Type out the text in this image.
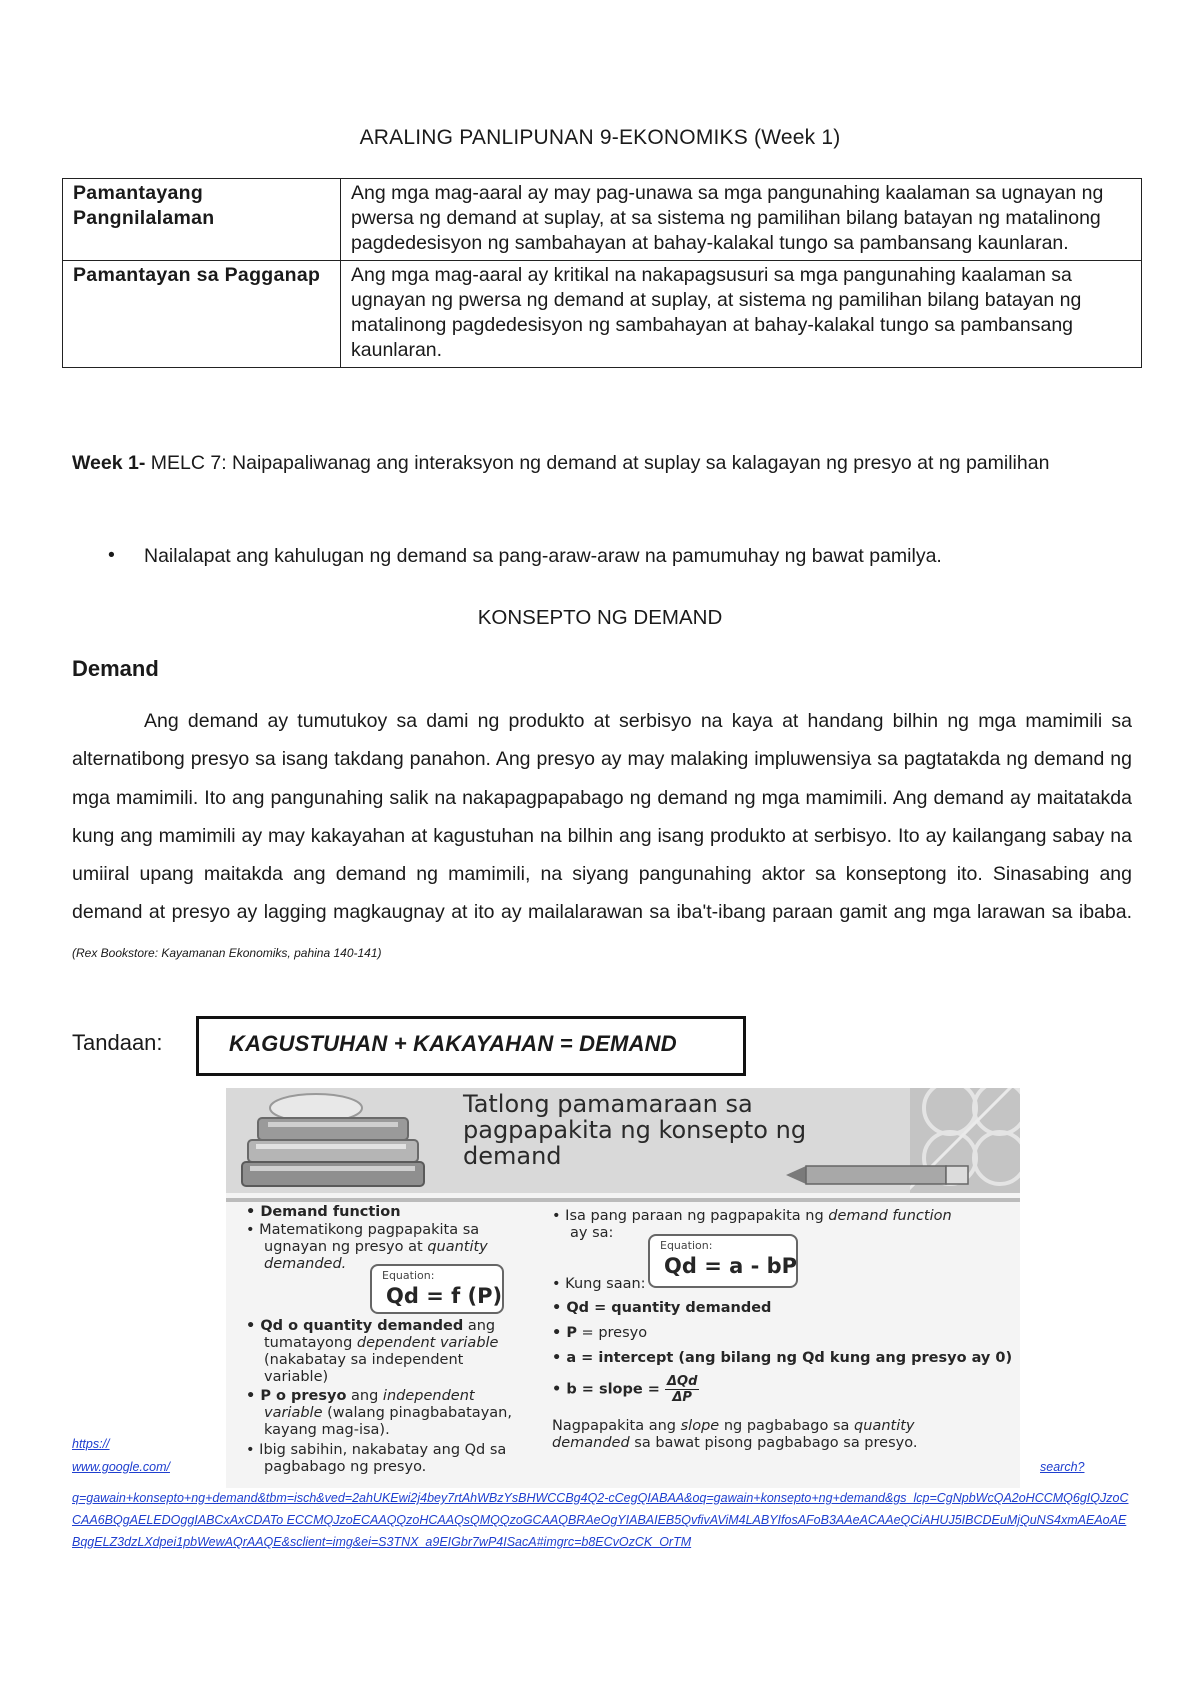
ARALING PANLIPUNAN 9-EKONOMIKS (Week 1)
Pamantayang Pangnilalaman	Ang mga mag-aaral ay may pag-unawa sa mga pangunahing kaalaman sa ugnayan ng pwersa ng demand at suplay, at sa sistema ng pamilihan bilang batayan ng matalinong pagdedesisyon ng sambahayan at bahay-kalakal tungo sa pambansang kaunlaran.
Pamantayan sa Pagganap	Ang mga mag-aaral ay kritikal na nakapagsusuri sa mga pangunahing kaalaman sa ugnayan ng pwersa ng demand at suplay, at sistema ng pamilihan bilang batayan ng matalinong pagdedesisyon ng sambahayan at bahay-kalakal tungo sa pambansang kaunlaran.
Week 1- MELC 7: Naipapaliwanag ang interaksyon ng demand at suplay sa kalagayan ng presyo at ng pamilihan
• Nailalapat ang kahulugan ng demand sa pang-araw-araw na pamumuhay ng bawat pamilya.
KONSEPTO NG DEMAND
Demand
Ang demand ay tumutukoy sa dami ng produkto at serbisyo na kaya at handang bilhin ng mga mamimili sa alternatibong presyo sa isang takdang panahon. Ang presyo ay may malaking impluwensiya sa pagtatakda ng demand ng mga mamimili. Ito ang pangunahing salik na nakapagpapabago ng demand ng mga mamimili. Ang demand ay maitatakda kung ang mamimili ay may kakayahan at kagustuhan na bilhin ang isang produkto at serbisyo. Ito ay kailangang sabay na umiiral upang maitakda ang demand ng mamimili, na siyang pangunahing aktor sa konseptong ito. Sinasabing ang demand at presyo ay lagging magkaugnay at ito ay mailalarawan sa iba't-ibang paraan gamit ang mga larawan sa ibaba. (Rex Bookstore: Kayamanan Ekonomiks, pahina 140-141)
Tandaan:	KAGUSTUHAN + KAKAYAHAN = DEMAND
Tatlong pamamaraan sa
pagpapakita ng konsepto ng
demand
• Demand function
• Matematikong pagpapakita sa
ugnayan ng presyo at quantity
demanded.
Equation:
Qd = f (P)
• Qd o quantity demanded ang
tumatayong dependent variable
(nakabatay sa independent
variable)
• P o presyo ang independent
variable (walang pinagbabatayan,
kayang mag-isa).
• Ibig sabihin, nakabatay ang Qd sa
pagbabago ng presyo.
• Isa pang paraan ng pagpapakita ng demand function
ay sa:
Equation:
Qd = a - bP
• Kung saan:
• Qd = quantity demanded
• P = presyo
• a = intercept (ang bilang ng Qd kung ang presyo ay 0)
• b = slope = $\frac{\text{ΔQd}}{\Delta P}$
Nagpapakita ang slope ng pagbabago sa quantity
demanded sa bawat pisong pagbabago sa presyo.
https://
www.google.com/	search?
q=gawain+konsepto+ng+demand&tbm=isch&ved=2ahUKEwi2j4bey7rtAhWBzYsBHWCCBg4Q2-cCegQIABAA&oq=gawain+konsepto+ng+demand&gs_lcp=CgNpbWcQA2oHCCMQ6gIQJzoCCAA6BQgAELEDOggIABCxAxCDATo ECCMQJzoECAAQQzoHCAAQsQMQQzoGCAAQBRAeOgYIABAIEB5QvfivAViM4LABYIfosAFoB3AAeACAAeQCiAHUJ5IBCDEuMjQuNS4xmAEAoAEBqgELZ3dzLXdpei1pbWewAQrAAQE&sclient=img&ei=S3TNX_a9EIGbr7wP4ISacA#imgrc=b8ECvOzCK_OrTM
